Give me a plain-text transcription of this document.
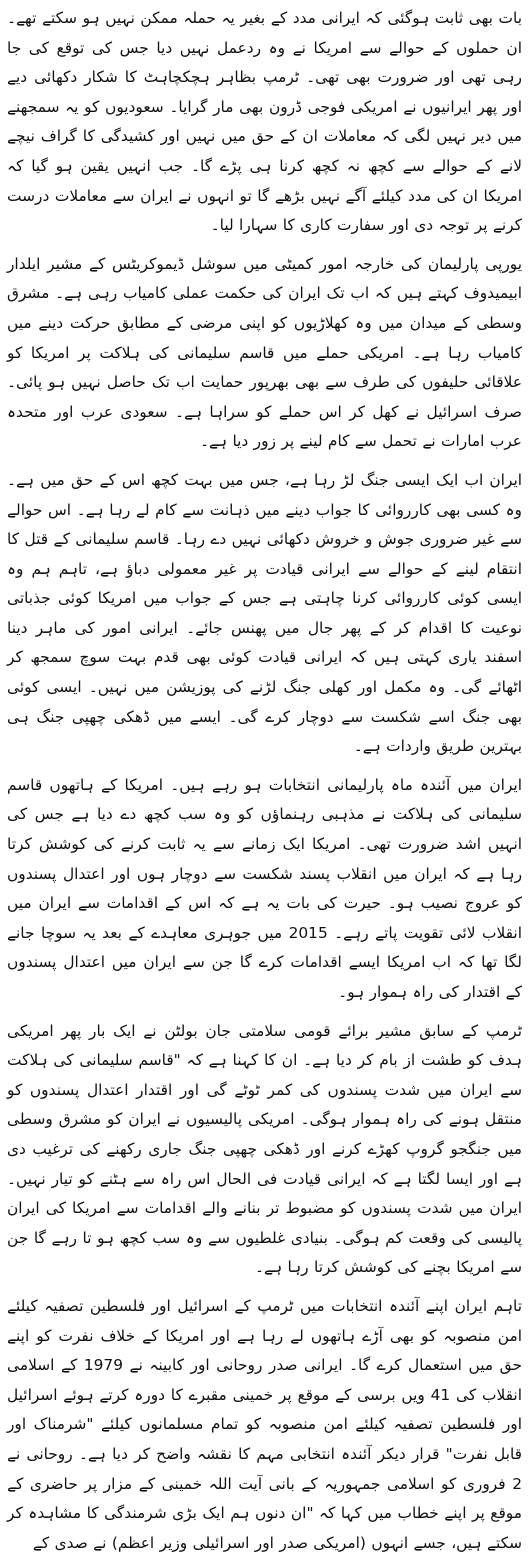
بات بھی ثابت ہوگئی کہ ایرانی مدد کے بغیر یہ حملہ ممکن نہیں ہو سکتے تھے۔ ان حملوں کے حوالے سے امریکا نے وہ ردعمل نہیں دیا جس کی توقع کی جا رہی تھی اور ضرورت بھی تھی۔ ٹرمپ بظاہر ہچکچاہٹ کا شکار دکھائی دیے اور پھر ایرانیوں نے امریکی فوجی ڈرون بھی مار گرایا۔ سعودیوں کو یہ سمجھنے میں دیر نہیں لگی کہ معاملات ان کے حق میں نہیں اور کشیدگی کا گراف نیچے لانے کے حوالے سے کچھ نہ کچھ کرنا ہی پڑے گا۔ جب انہیں یقین ہو گیا کہ امریکا ان کی مدد کیلئے آگے نہیں بڑھے گا تو انہوں نے ایران سے معاملات درست کرنے پر توجہ دی اور سفارت کاری کا سہارا لیا۔

یورپی پارلیمان کی خارجہ امور کمیٹی میں سوشل ڈیموکریٹس کے مشیر ایلدار ابیمیدوف کہتے ہیں کہ اب تک ایران کی حکمت عملی کامیاب رہی ہے۔ مشرق وسطی کے میدان میں وہ کھلاڑیوں کو اپنی مرضی کے مطابق حرکت دینے میں کامیاب رہا ہے۔ امریکی حملے میں قاسم سلیمانی کی ہلاکت پر امریکا کو علاقائی حلیفوں کی طرف سے بھی بھرپور حمایت اب تک حاصل نہیں ہو پائی۔ صرف اسرائیل نے کھل کر اس حملے کو سراہا ہے۔ سعودی عرب اور متحدہ عرب امارات نے تحمل سے کام لینے پر زور دیا ہے۔

ایران اب ایک ایسی جنگ لڑ رہا ہے، جس میں بہت کچھ اس کے حق میں ہے۔ وہ کسی بھی کارروائی کا جواب دینے میں ذہانت سے کام لے رہا ہے۔ اس حوالے سے غیر ضروری جوش و خروش دکھائی نہیں دے رہا۔ قاسم سلیمانی کے قتل کا انتقام لینے کے حوالے سے ایرانی قیادت پر غیر معمولی دباؤ ہے، تاہم ہم وہ ایسی کوئی کارروائی کرنا چاہتی ہے جس کے جواب میں امریکا کوئی جذباتی نوعیت کا اقدام کر کے پھر جال میں پھنس جائے۔ ایرانی امور کی ماہر دینا اسفند یاری کہتی ہیں کہ ایرانی قیادت کوئی بھی قدم بہت سوچ سمجھ کر اٹھائے گی۔ وہ مکمل اور کھلی جنگ لڑنے کی پوزیشن میں نہیں۔ ایسی کوئی بھی جنگ اسے شکست سے دوچار کرے گی۔ ایسے میں ڈھکی چھپی جنگ ہی بہترین طریق واردات ہے۔

ایران میں آئندہ ماہ پارلیمانی انتخابات ہو رہے ہیں۔ امریکا کے ہاتھوں قاسم سلیمانی کی ہلاکت نے مذہبی رہنماؤں کو وہ سب کچھ دے دیا ہے جس کی انہیں اشد ضرورت تھی۔ امریکا ایک زمانے سے یہ ثابت کرنے کی کوشش کرتا رہا ہے کہ ایران میں انقلاب پسند شکست سے دوچار ہوں اور اعتدال پسندوں کو عروج نصیب ہو۔ حیرت کی بات یہ ہے کہ اس کے اقدامات سے ایران میں انقلاب لائی تقویت پاتے رہے۔ 2015 میں جوہری معاہدے کے بعد یہ سوچا جانے لگا تھا کہ اب امریکا ایسے اقدامات کرے گا جن سے ایران میں اعتدال پسندوں کے اقتدار کی راہ ہموار ہو۔

ٹرمپ کے سابق مشیر برائے قومی سلامتی جان بولٹن نے ایک بار پھر امریکی ہدف کو طشت از بام کر دیا ہے۔ ان کا کہنا ہے کہ "قاسم سلیمانی کی ہلاکت سے ایران میں شدت پسندوں کی کمر ٹوٹے گی اور اقتدار اعتدال پسندوں کو منتقل ہونے کی راہ ہموار ہوگی۔ امریکی پالیسیوں نے ایران کو مشرق وسطی میں جنگجو گروپ کھڑے کرنے اور ڈھکی چھپی جنگ جاری رکھنے کی ترغیب دی ہے اور ایسا لگتا ہے کہ ایرانی قیادت فی الحال اس راہ سے ہٹنے کو تیار نہیں۔ ایران میں شدت پسندوں کو مضبوط تر بنانے والے اقدامات سے امریکا کی ایران پالیسی کی وقعت کم ہوگی۔ بنیادی غلطیوں سے وہ سب کچھ ہو تا رہے گا جن سے امریکا بچنے کی کوشش کرتا رہا ہے۔

تاہم ایران اپنے آئندہ انتخابات میں ٹرمپ کے اسرائیل اور فلسطین تصفیہ کیلئے امن منصوبہ کو بھی آڑے ہاتھوں لے رہا ہے اور امریکا کے خلاف نفرت کو اپنے حق میں استعمال کرے گا۔ ایرانی صدر روحانی اور کابینہ نے 1979 کے اسلامی انقلاب کی 41 ویں برسی کے موقع پر خمینی مقبرے کا دورہ کرتے ہوئے اسرائیل اور فلسطین تصفیہ کیلئے امن منصوبہ کو تمام مسلمانوں کیلئے "شرمناک اور قابل نفرت" قرار دیکر آئندہ انتخابی مہم کا نقشہ واضح کر دیا ہے۔ روحانی نے 2 فروری کو اسلامی جمہوریہ کے بانی آیت اللہ خمینی کے مزار پر حاضری کے موقع پر اپنے خطاب میں کہا کہ "ان دنوں ہم ایک بڑی شرمندگی کا مشاہدہ کر سکتے ہیں، جسے انہوں (امریکی صدر اور اسرائیلی وزیر اعظم) نے صدی کے
